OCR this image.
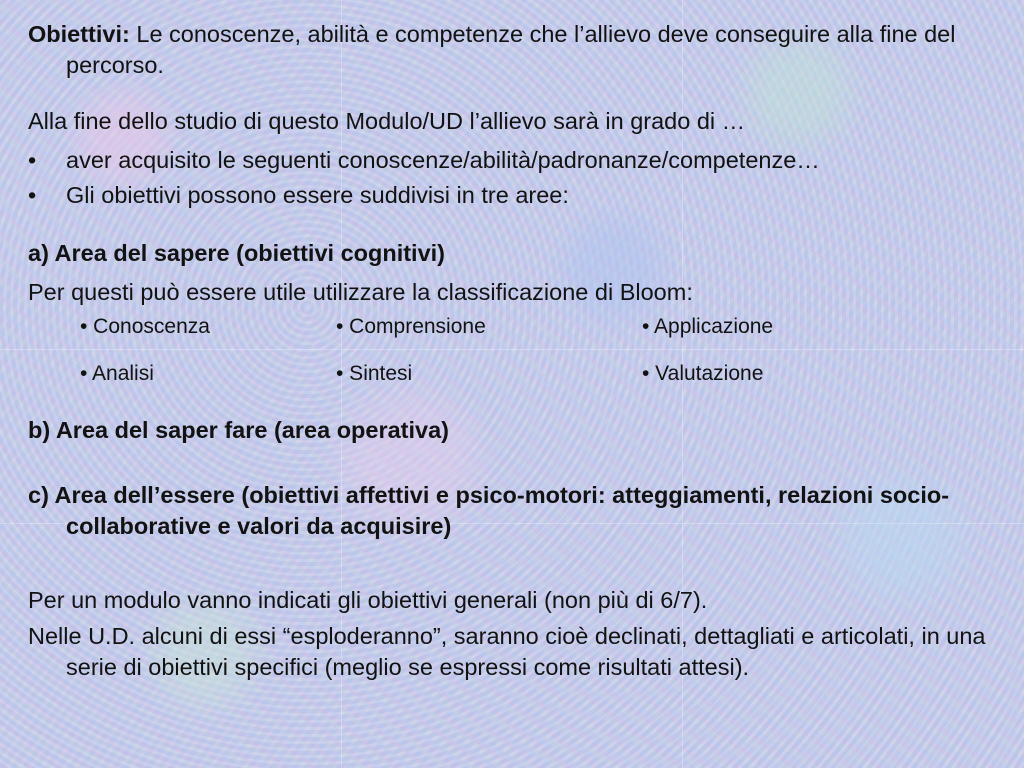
Obiettivi: Le conoscenze, abilità e competenze che l’allievo deve conseguire alla fine del percorso.

Alla fine dello studio di questo Modulo/UD l’allievo sarà in grado di …

• aver acquisito le seguenti conoscenze/abilità/padronanze/competenze…
• Gli obiettivi possono essere suddivisi in tre aree:

a) Area del sapere (obiettivi cognitivi)

Per questi può essere utile utilizzare la classificazione di Bloom:

• Conoscenza	• Comprensione	• Applicazione
• Analisi	• Sintesi	• Valutazione

b) Area del saper fare (area operativa)

c) Area dell’essere (obiettivi affettivi e psico-motori: atteggiamenti, relazioni socio-collaborative e valori da acquisire)

Per un modulo vanno indicati gli obiettivi generali (non più di 6/7).

Nelle U.D. alcuni di essi “esploderanno”, saranno cioè declinati, dettagliati e articolati, in una serie di obiettivi specifici (meglio se espressi come risultati attesi).
